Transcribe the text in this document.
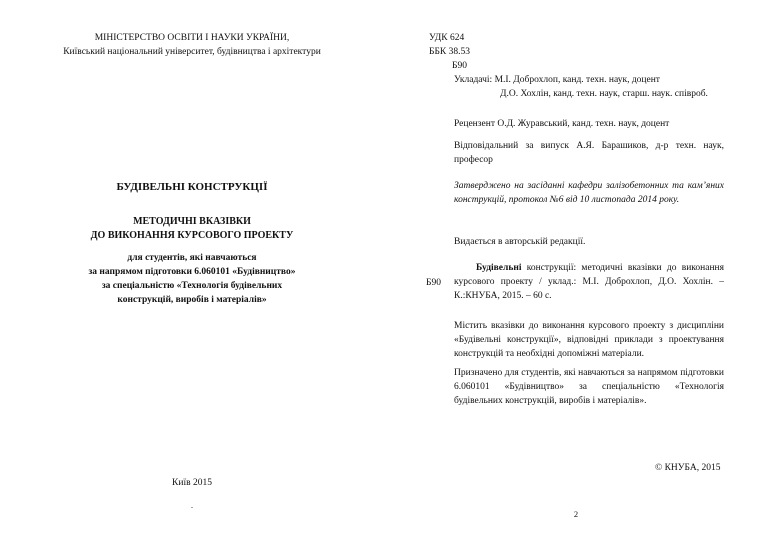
МІНІСТЕРСТВО ОСВІТИ І НАУКИ УКРАЇНИ,

Київський національний університет, будівництва і архітектури

БУДІВЕЛЬНІ КОНСТРУКЦІЇ

МЕТОДИЧНІ ВКАЗІВКИ

ДО ВИКОНАННЯ КУРСОВОГО ПРОЕКТУ

для студентів, які навчаються

за напрямом підготовки 6.060101 «Будівництво»

за спеціальністю «Технологія будівельних

конструкцій, виробів і матеріалів»

Київ 2015

.

УДК 624

ББК 38.53

Б90

Укладачі: М.І. Доброхлоп, канд. техн. наук, доцент

Д.О. Хохлін, канд. техн. наук, старш. наук. співроб.

Рецензент О.Д. Журавський, канд. техн. наук, доцент

Відповідальний за випуск А.Я. Барашиков, д-р техн. наук,

професор

Затверджено на засіданні кафедри залізобетонних та кам’яних конструкцій, протокол №6 від 10 листопада 2014 року.

Видається в авторській редакції.

Б90

Будівельні конструкції: методичні вказівки до виконання курсового проекту / уклад.: М.І. Доброхлоп, Д.О. Хохлін. – К.:КНУБА, 2015. – 60 с.

Містить вказівки до виконання курсового проекту з дисципліни «Будівельні конструкції», відповідні приклади з проектування конструкцій та необхідні допоміжні матеріали.

Призначено для студентів, які навчаються за напрямом підготовки 6.060101 «Будівництво» за спеціальністю «Технологія будівельних конструкцій, виробів і матеріалів».

© КНУБА, 2015

2
